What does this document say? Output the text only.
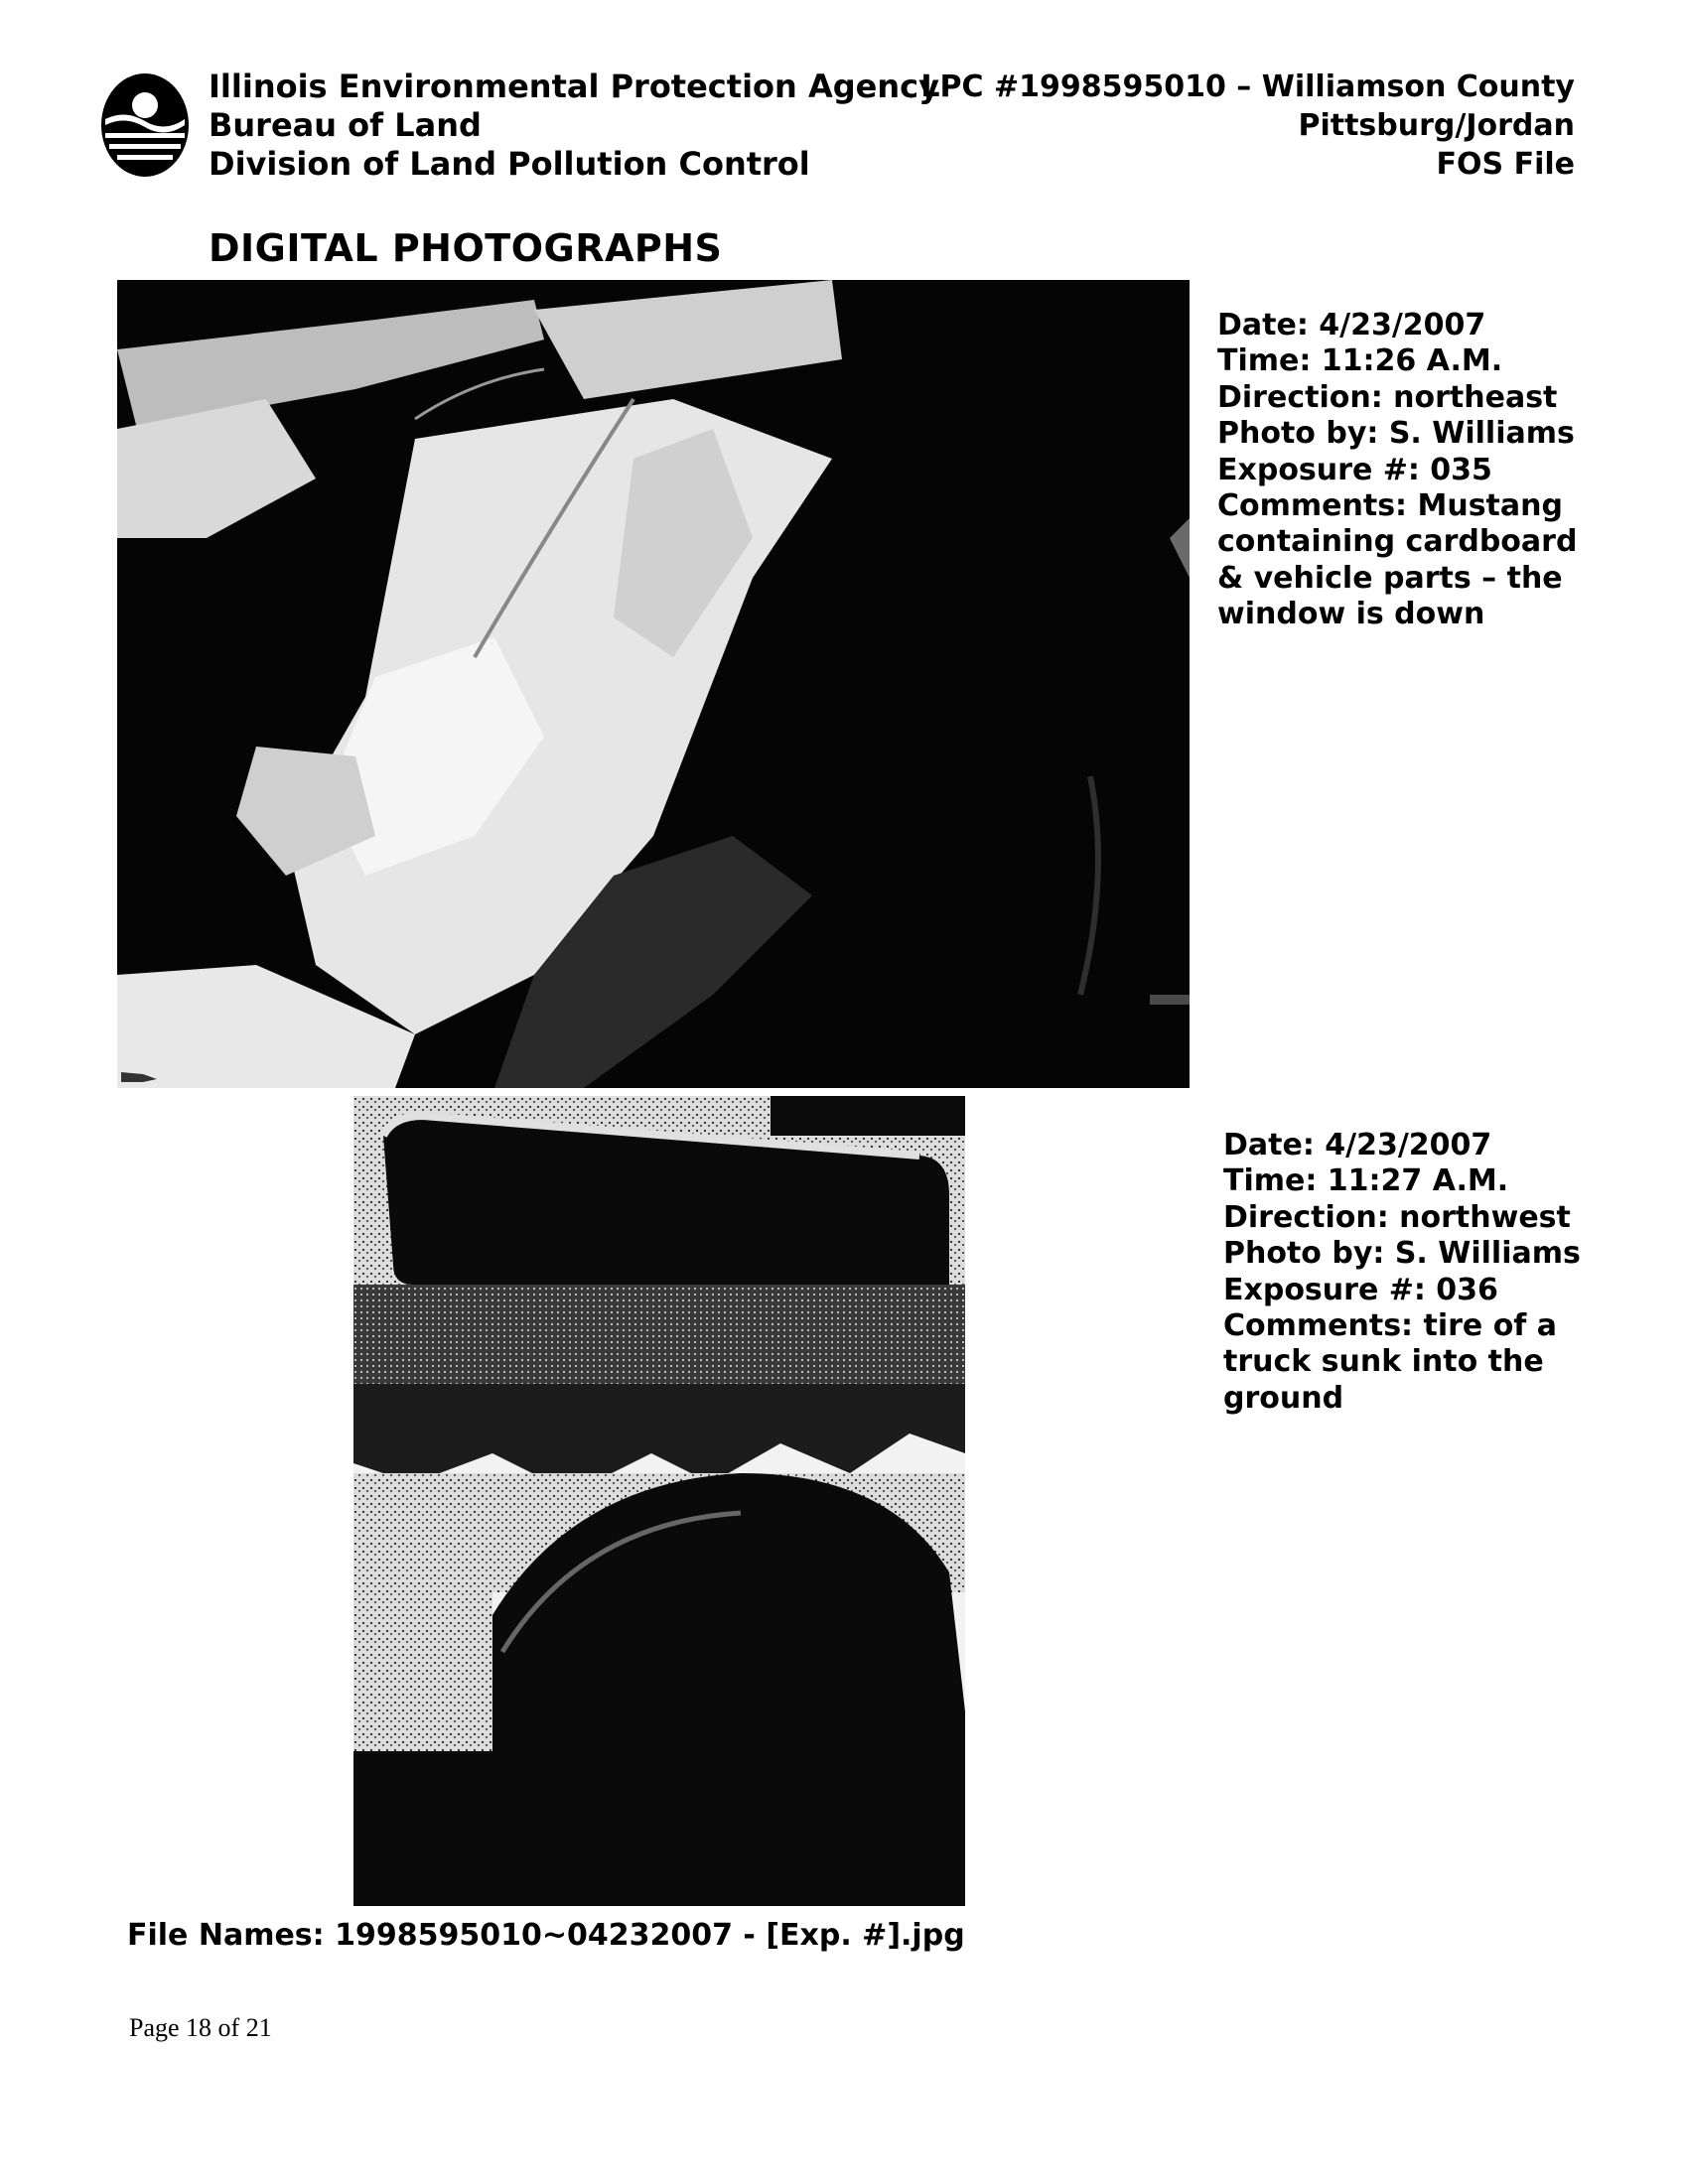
Illinois Environmental Protection Agency
Bureau of Land
Division of Land Pollution Control
LPC #1998595010 – Williamson County
Pittsburg/Jordan
FOS File
DIGITAL PHOTOGRAPHS
Date: 4/23/2007
Time: 11:26 A.M.
Direction: northeast
Photo by: S. Williams
Exposure #: 035
Comments: Mustang
containing cardboard
& vehicle parts – the
window is down
Date: 4/23/2007
Time: 11:27 A.M.
Direction: northwest
Photo by: S. Williams
Exposure #: 036
Comments: tire of a
truck sunk into the
ground
File Names: 1998595010~04232007 - [Exp. #].jpg
Page 18 of 21
